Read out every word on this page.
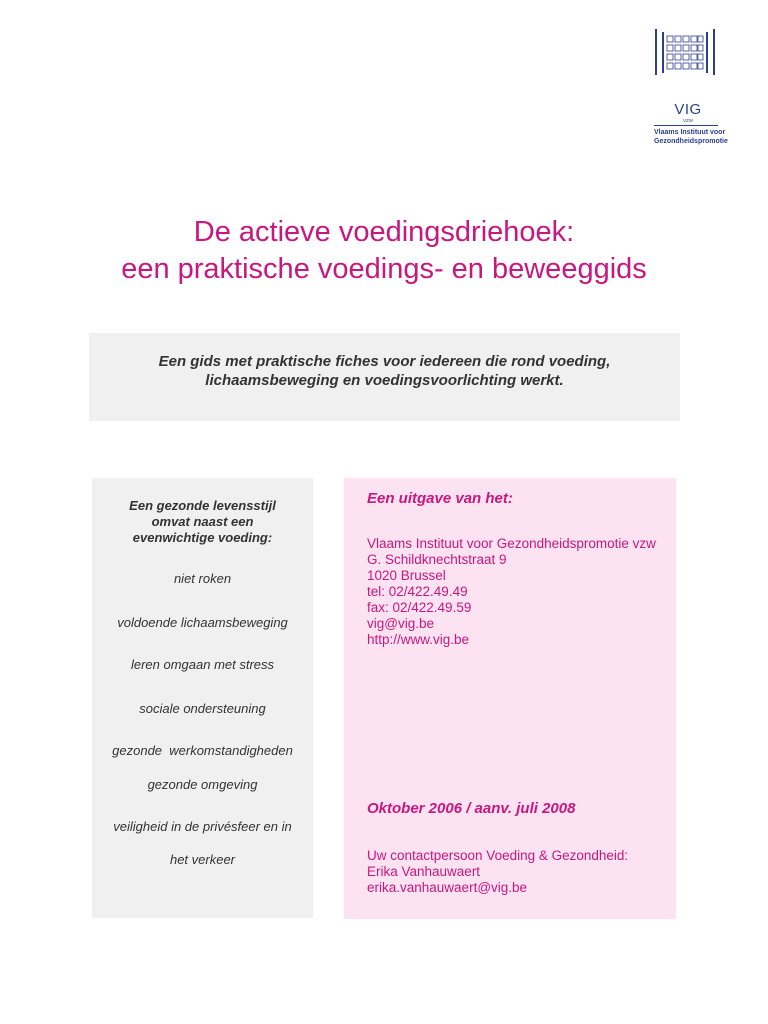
VIG
VZW
Vlaams Instituut voor
Gezondheidspromotie
De actieve voedingsdriehoek:
een praktische voedings- en beweeggids
Een gids met praktische fiches voor iedereen die rond voeding,
lichaamsbeweging en voedingsvoorlichting werkt.
Een gezonde levensstijl
omvat naast een
evenwichtige voeding:
niet roken
voldoende lichaamsbeweging
leren omgaan met stress
sociale ondersteuning
gezonde  werkomstandigheden
gezonde omgeving
veiligheid in de privésfeer en in
het verkeer
Een uitgave van het:
Vlaams Instituut voor Gezondheidspromotie vzw
G. Schildknechtstraat 9
1020 Brussel
tel: 02/422.49.49
fax: 02/422.49.59
vig@vig.be
http://www.vig.be
Oktober 2006 / aanv. juli 2008
Uw contactpersoon Voeding & Gezondheid:
Erika Vanhauwaert
erika.vanhauwaert@vig.be
